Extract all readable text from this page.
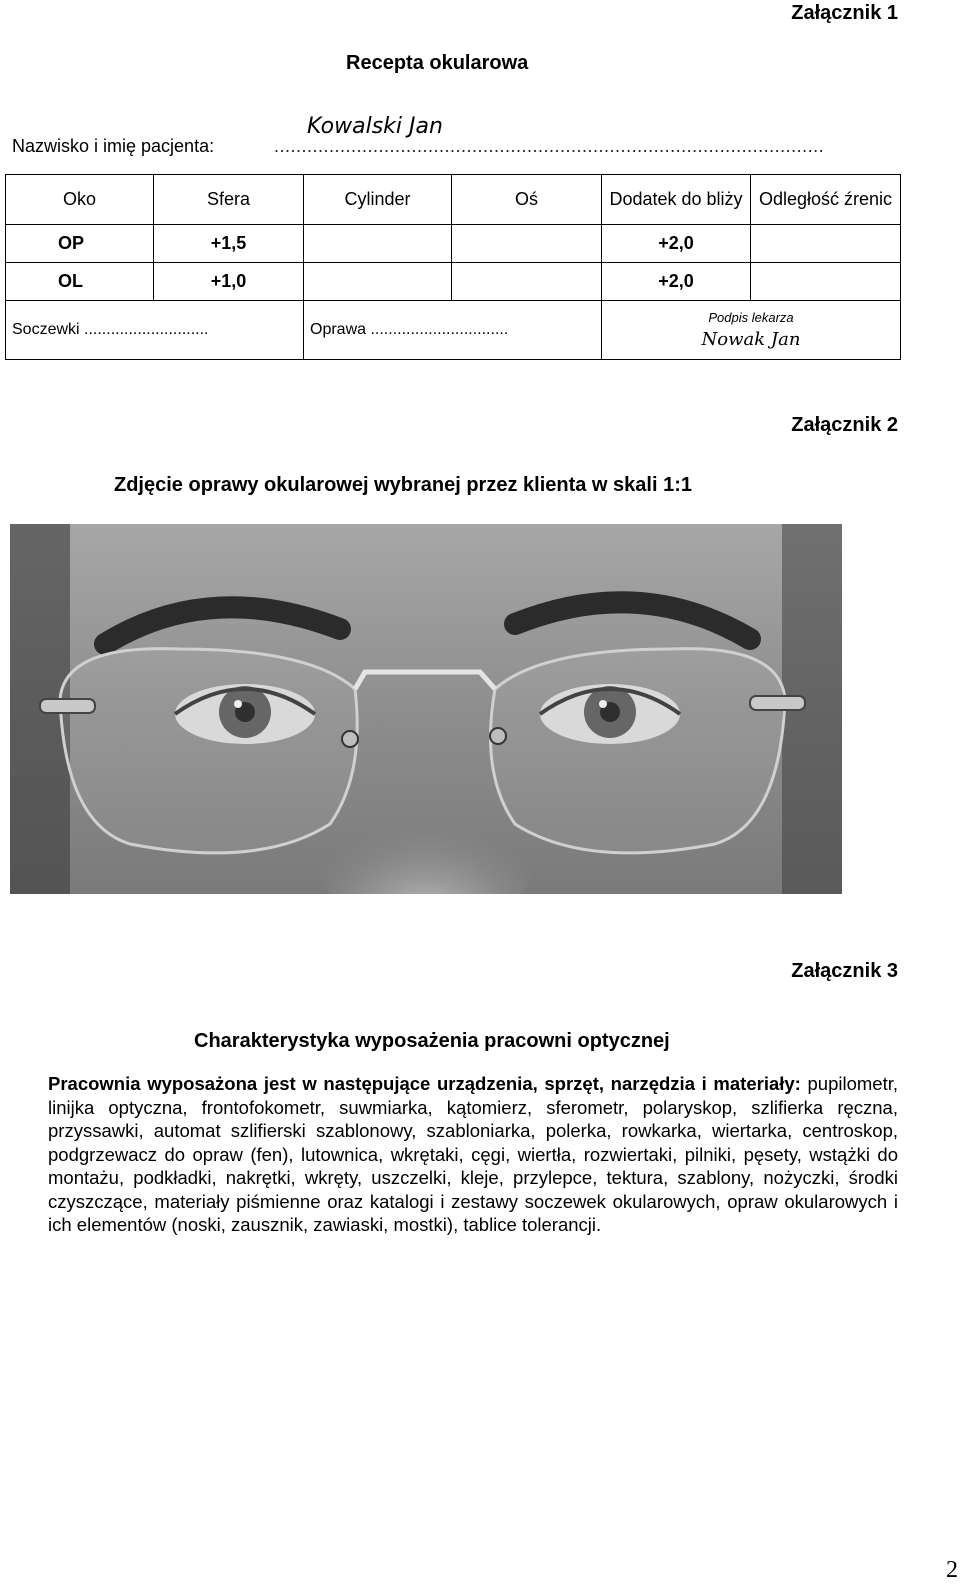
Załącznik 1
Recepta okularowa
Nazwisko i imię pacjenta:	....................................................................................................
Kowalski Jan
Oko	Sfera	Cylinder	Oś	Dodatek do bliży	Odległość źrenic
OP	+1,5			+2,0	
OL	+1,0			+2,0	
Soczewki ............................		Oprawa ...............................		Podpis lekarza
Nowak Jan	
Załącznik 2
Zdjęcie oprawy okularowej wybranej przez klienta w skali 1:1
Załącznik 3
Charakterystyka wyposażenia pracowni optycznej

Pracownia wyposażona jest w następujące urządzenia, sprzęt, narzędzia i materiały: pupilometr, linijka optyczna, frontofokometr, suwmiarka, kątomierz, sferometr, polaryskop, szlifierka ręczna, przyssawki, automat szlifierski szablonowy, szabloniarka, polerka, rowkarka, wiertarka, centroskop, podgrzewacz do opraw (fen), lutownica, wkrętaki, cęgi, wiertła, rozwiertaki, pilniki, pęsety, wstążki do montażu, podkładki, nakrętki, wkręty, uszczelki, kleje, przylepce, tektura, szablony, nożyczki, środki czyszczące, materiały piśmienne oraz katalogi i zestawy soczewek okularowych, opraw okularowych i ich elementów (noski, zausznik, zawiaski, mostki), tablice tolerancji.

2
